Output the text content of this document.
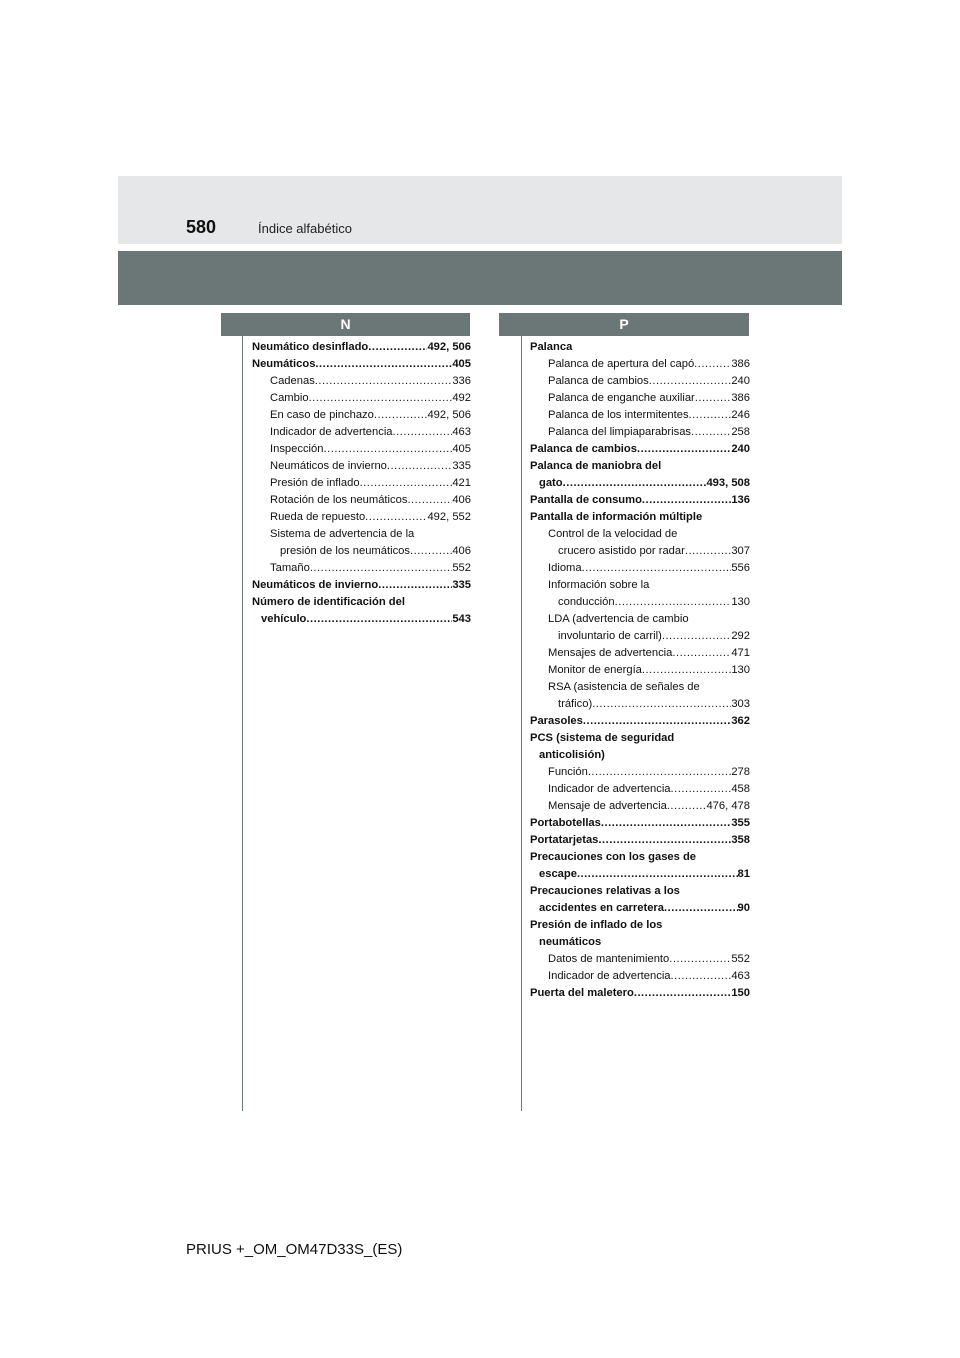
580	Índice alfabético
N	P
Neumático desinflado .....	492, 506
Neumáticos .....	405
Cadenas .....	336
Cambio .....	492
En caso de pinchazo .....	492, 506
Indicador de advertencia .....	463
Inspección .....	405
Neumáticos de invierno .....	335
Presión de inflado .....	421
Rotación de los neumáticos .....	406
Rueda de repuesto .....	492, 552
Sistema de advertencia de la
presión de los neumáticos .....	406
Tamaño .....	552
Neumáticos de invierno .....	335
Número de identificación del
vehículo .....	543
Palanca
Palanca de apertura del capó .....	386
Palanca de cambios .....	240
Palanca de enganche auxiliar .....	386
Palanca de los intermitentes .....	246
Palanca del limpiaparabrisas .....	258
Palanca de cambios .....	240
Palanca de maniobra del
gato .....	493, 508
Pantalla de consumo .....	136
Pantalla de información múltiple
Control de la velocidad de
crucero asistido por radar .....	307
Idioma .....	556
Información sobre la
conducción .....	130
LDA (advertencia de cambio
involuntario de carril) .....	292
Mensajes de advertencia .....	471
Monitor de energía .....	130
RSA (asistencia de señales de
tráfico) .....	303
Parasoles .....	362
PCS (sistema de seguridad
anticolisión)
Función .....	278
Indicador de advertencia .....	458
Mensaje de advertencia .....	476, 478
Portabotellas .....	355
Portatarjetas .....	358
Precauciones con los gases de
escape .....	81
Precauciones relativas a los
accidentes en carretera .....	90
Presión de inflado de los
neumáticos
Datos de mantenimiento .....	552
Indicador de advertencia .....	463
Puerta del maletero .....	150
PRIUS +_OM_OM47D33S_(ES)
